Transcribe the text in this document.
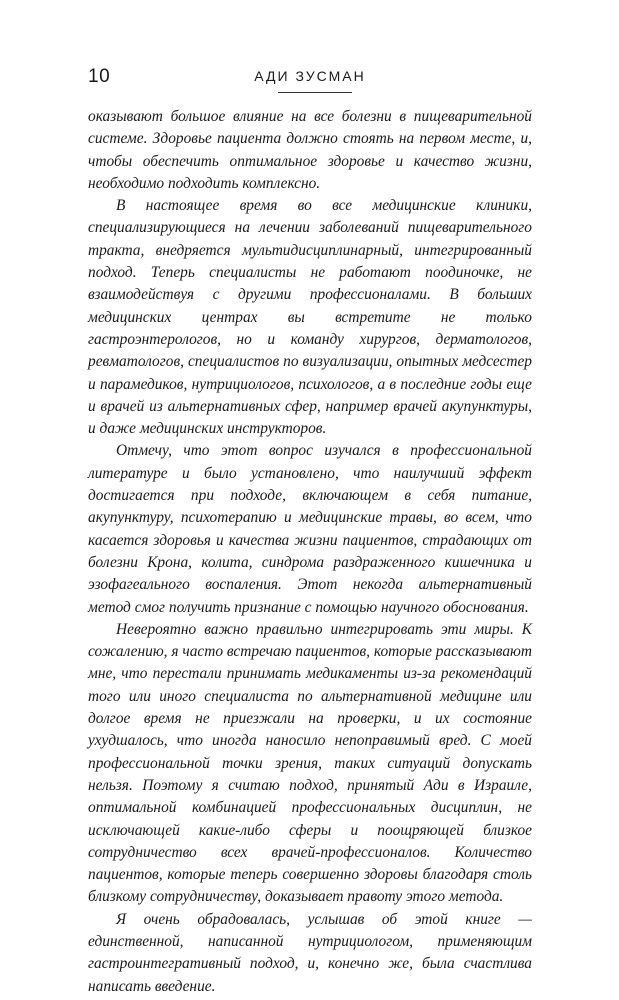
10	АДИ ЗУСМАН

оказывают большое влияние на все болезни в пищеварительной системе. Здоровье пациента должно стоять на первом месте, и, чтобы обеспечить оптимальное здоровье и качество жизни, необходимо подходить комплексно.

В настоящее время во все медицинские клиники, специализирующиеся на лечении заболеваний пищеварительного тракта, внедряется мультидисциплинарный, интегрированный подход. Теперь специалисты не работают поодиночке, не взаимодействуя с другими профессионалами. В больших медицинских центрах вы встретите не только гастроэнтерологов, но и команду хирургов, дерматологов, ревматологов, специалистов по визуализации, опытных медсестер и парамедиков, нутрициологов, психологов, а в последние годы еще и врачей из альтернативных сфер, например врачей акупунктуры, и даже медицинских инструкторов.

Отмечу, что этот вопрос изучался в профессиональной литературе и было установлено, что наилучший эффект достигается при подходе, включающем в себя питание, акупунктуру, психотерапию и медицинские травы, во всем, что касается здоровья и качества жизни пациентов, страдающих от болезни Крона, колита, синдрома раздраженного кишечника и эзофагеального воспаления. Этот некогда альтернативный метод смог получить признание с помощью научного обоснования.

Невероятно важно правильно интегрировать эти миры. К сожалению, я часто встречаю пациентов, которые рассказывают мне, что перестали принимать медикаменты из-за рекомендаций того или иного специалиста по альтернативной медицине или долгое время не приезжали на проверки, и их состояние ухудшалось, что иногда наносило непоправимый вред. С моей профессиональной точки зрения, таких ситуаций допускать нельзя. Поэтому я считаю подход, принятый Ади в Израиле, оптимальной комбинацией профессиональных дисциплин, не исключающей какие-либо сферы и поощряющей близкое сотрудничество всех врачей-профессионалов. Количество пациентов, которые теперь совершенно здоровы благодаря столь близкому сотрудничеству, доказывает правоту этого метода.

Я очень обрадовалась, услышав об этой книге — единственной, написанной нутрициологом, применяющим гастроинтегративный подход, и, конечно же, была счастлива написать введение.
